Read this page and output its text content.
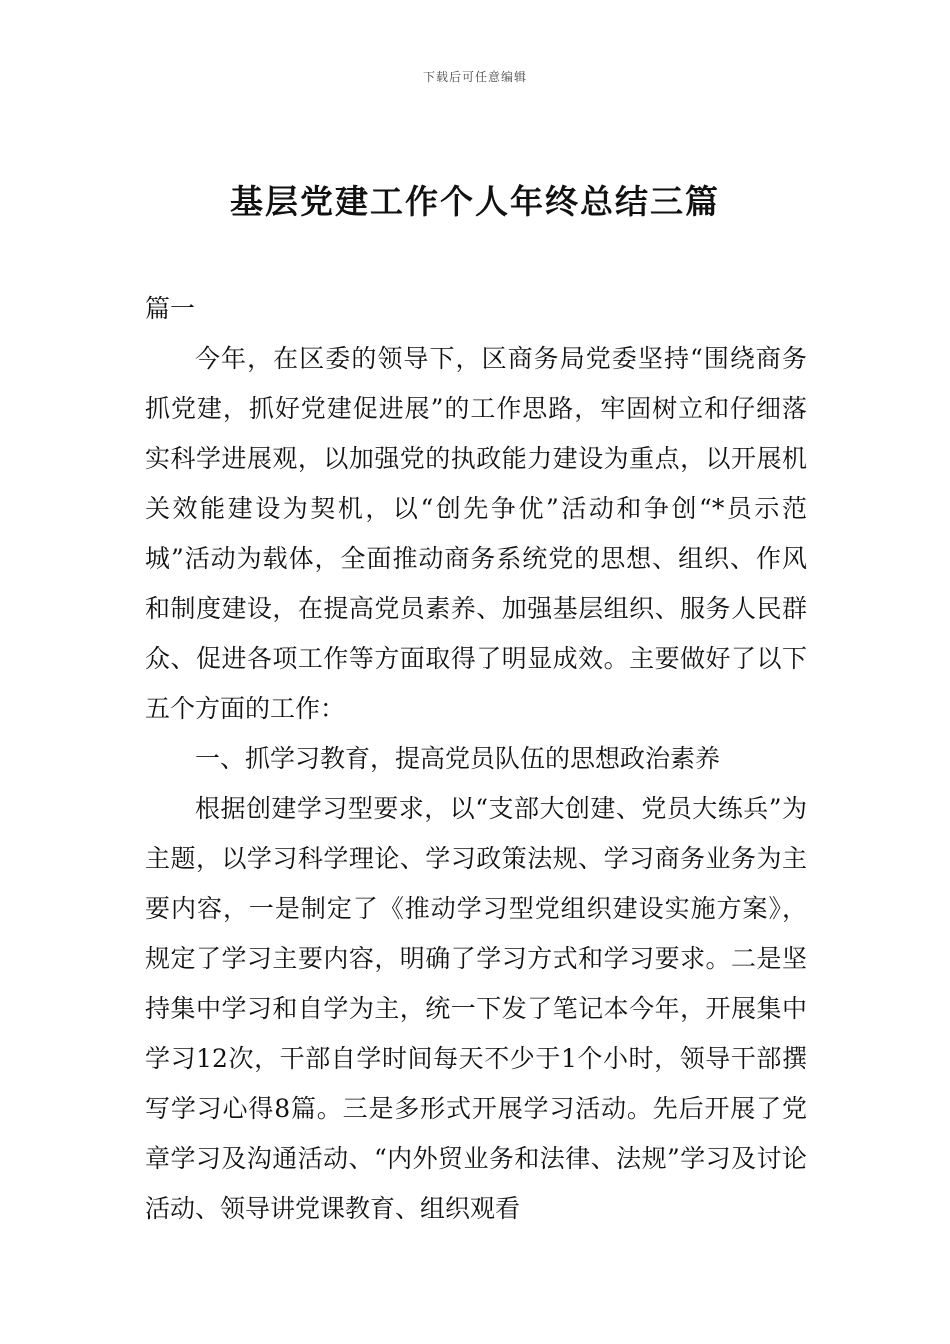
下载后可任意编辑
基层党建工作个人年终总结三篇

篇一

今年，在区委的领导下，区商务局党委坚持“围绕商务抓党建，抓好党建促进展”的工作思路，牢固树立和仔细落实科学进展观，以加强党的执政能力建设为重点，以开展机关效能建设为契机，以“创先争优”活动和争创“*员示范城”活动为载体，全面推动商务系统党的思想、组织、作风和制度建设，在提高党员素养、加强基层组织、服务人民群众、促进各项工作等方面取得了明显成效。主要做好了以下五个方面的工作：

一、抓学习教育，提高党员队伍的思想政治素养

根据创建学习型要求，以“支部大创建、党员大练兵”为主题，以学习科学理论、学习政策法规、学习商务业务为主要内容，一是制定了《推动学习型党组织建设实施方案》，规定了学习主要内容，明确了学习方式和学习要求。二是坚持集中学习和自学为主，统一下发了笔记本今年，开展集中学习12次，干部自学时间每天不少于1个小时，领导干部撰写学习心得8篇。三是多形式开展学习活动。先后开展了党章学习及沟通活动、“内外贸业务和法律、法规”学习及讨论活动、领导讲党课教育、组织观看
